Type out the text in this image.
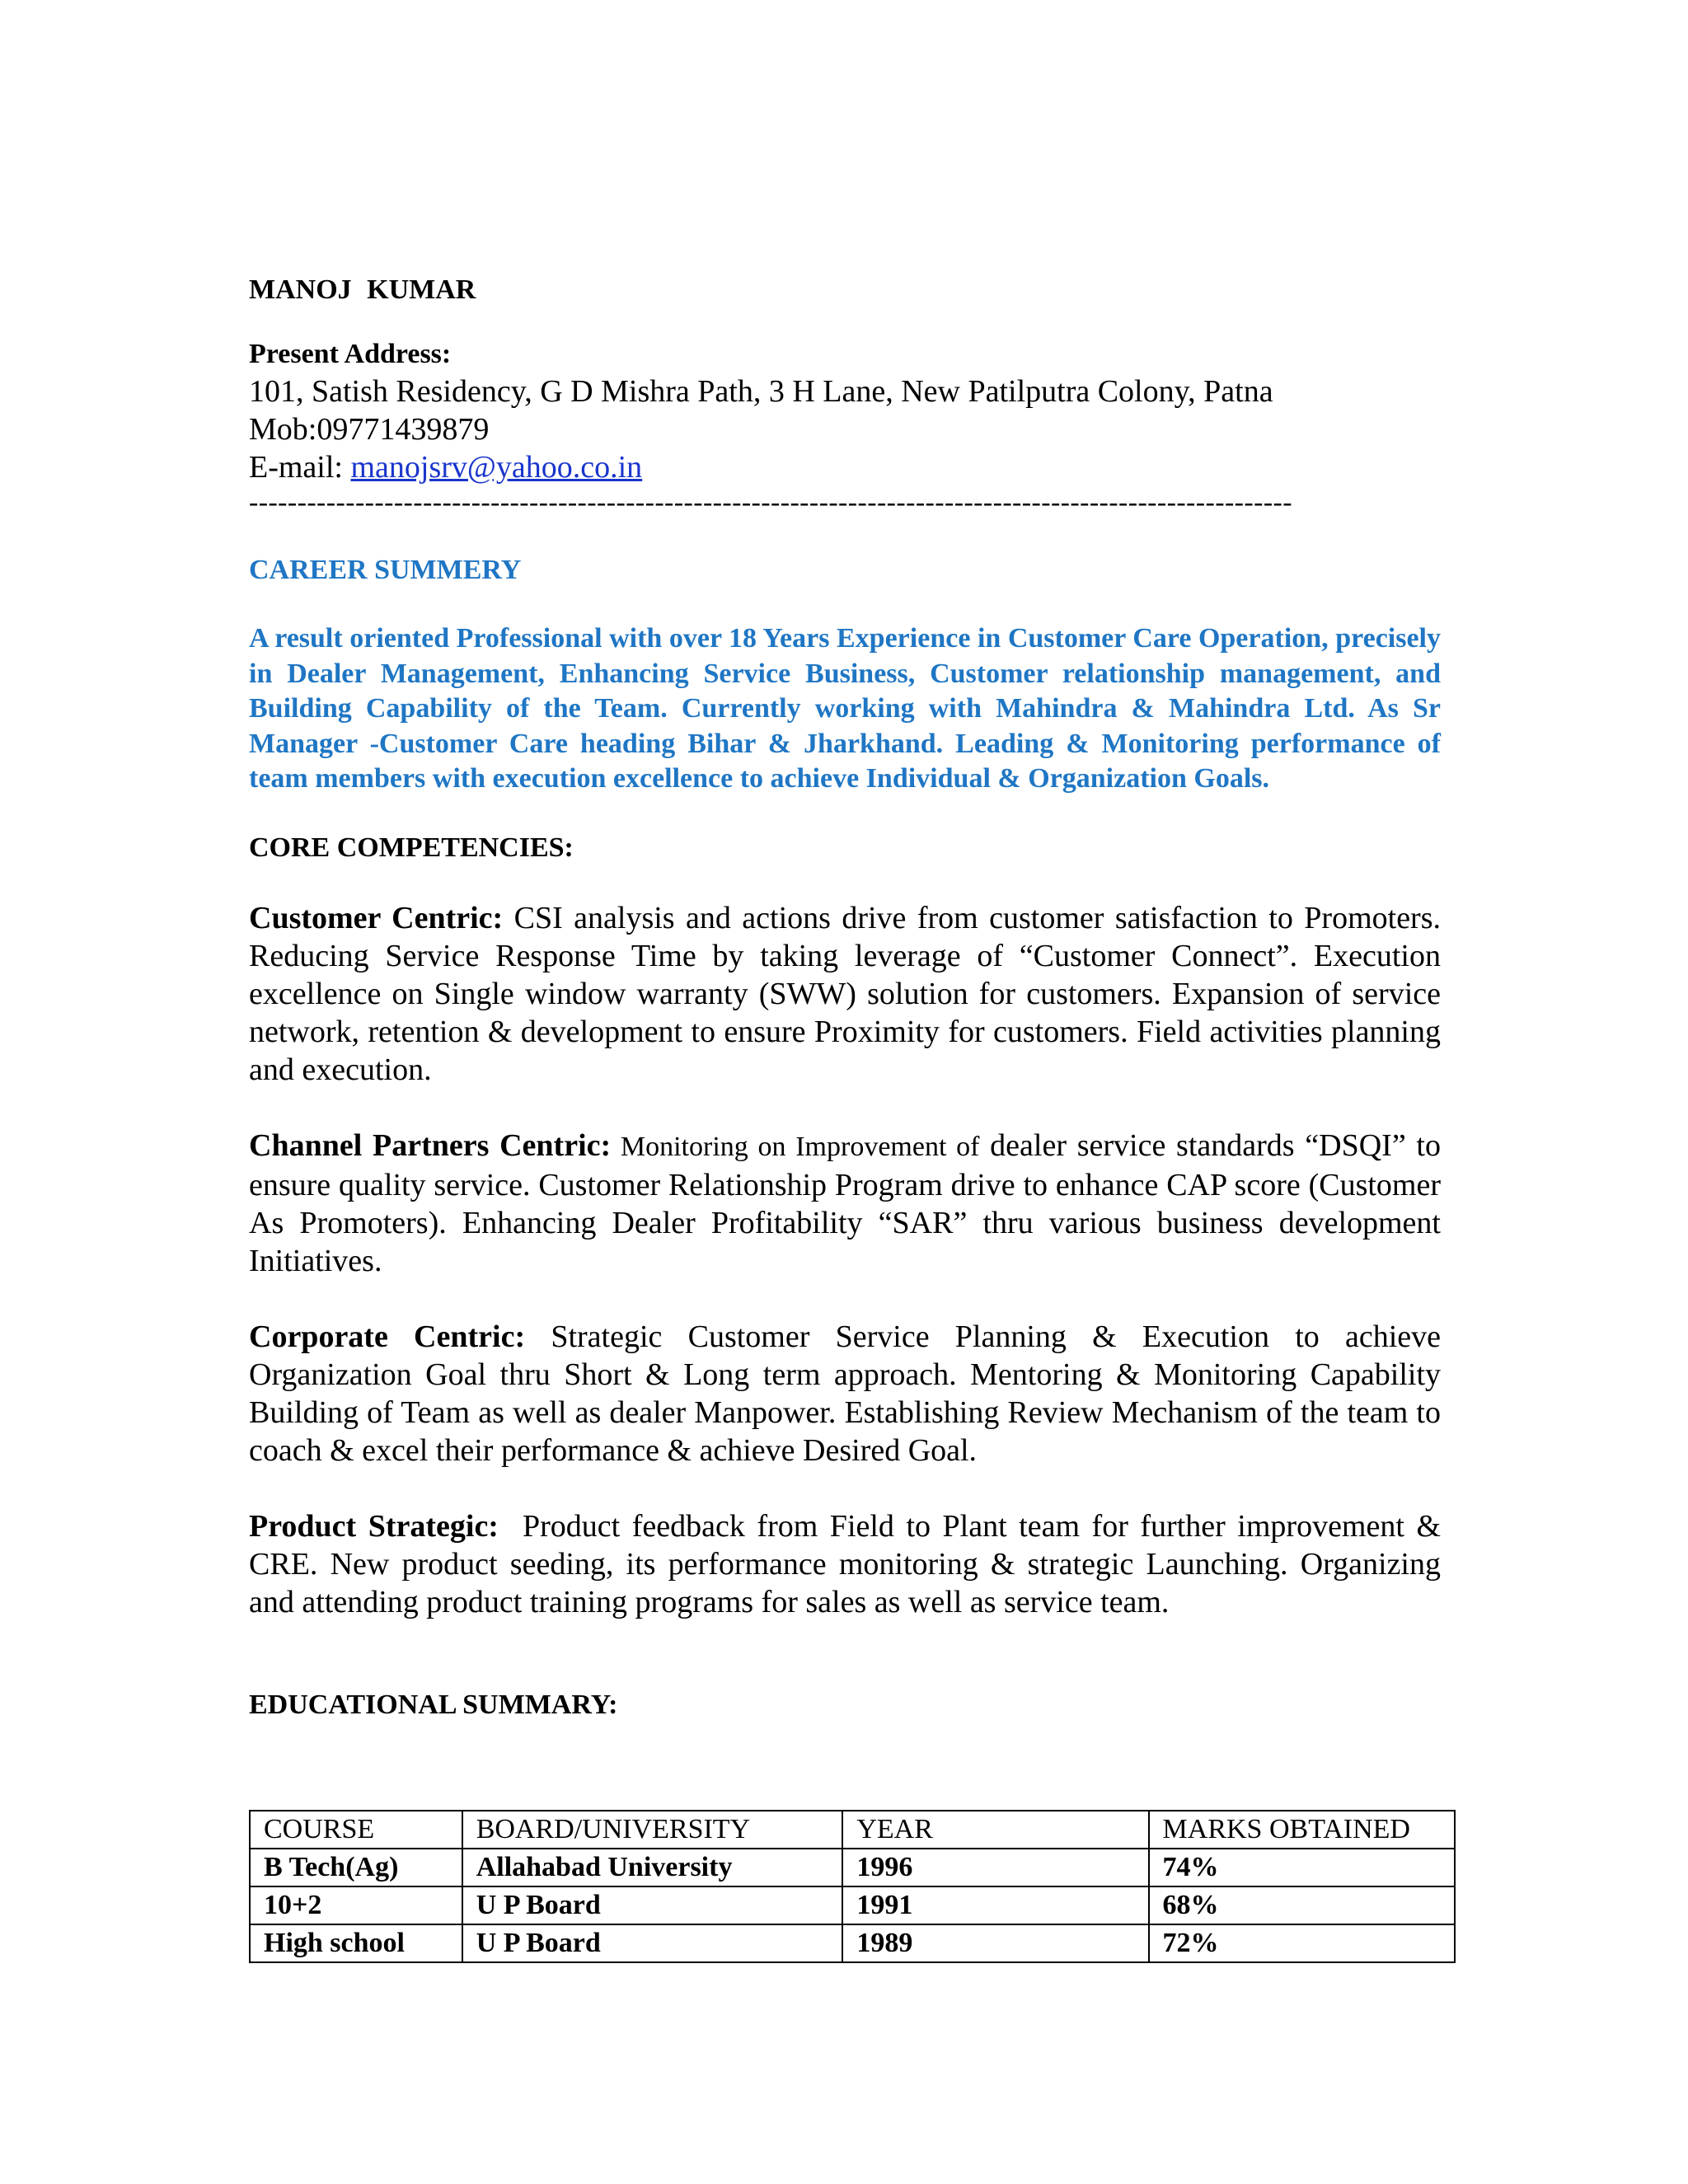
MANOJ KUMAR

Present Address:

101, Satish Residency, G D Mishra Path, 3 H Lane, New Patilputra Colony, Patna

Mob:09771439879

E-mail: manojsrv@yahoo.co.in

------------------------------------------------------------------------------------------------------------

CAREER SUMMERY

A result oriented Professional with over 18 Years Experience in Customer Care Operation, precisely in Dealer Management, Enhancing Service Business, Customer relationship management, and Building Capability of the Team. Currently working with Mahindra & Mahindra Ltd. As Sr Manager -Customer Care heading Bihar & Jharkhand. Leading & Monitoring performance of team members with execution excellence to achieve Individual & Organization Goals.

CORE COMPETENCIES:

Customer Centric: CSI analysis and actions drive from customer satisfaction to Promoters. Reducing Service Response Time by taking leverage of “Customer Connect”. Execution excellence on Single window warranty (SWW) solution for customers. Expansion of service network, retention & development to ensure Proximity for customers. Field activities planning and execution.

Channel Partners Centric: Monitoring on Improvement of dealer service standards “DSQI” to ensure quality service. Customer Relationship Program drive to enhance CAP score (Customer As Promoters). Enhancing Dealer Profitability “SAR” thru various business development Initiatives.

Corporate Centric: Strategic Customer Service Planning & Execution to achieve Organization Goal thru Short & Long term approach. Mentoring & Monitoring Capability Building of Team as well as dealer Manpower. Establishing Review Mechanism of the team to coach & excel their performance & achieve Desired Goal.

Product Strategic:  Product feedback from Field to Plant team for further improvement & CRE. New product seeding, its performance monitoring & strategic Launching. Organizing and attending product training programs for sales as well as service team.

EDUCATIONAL SUMMARY:

COURSE	BOARD/UNIVERSITY	YEAR	MARKS OBTAINED
B Tech(Ag)	Allahabad University	1996	74%
10+2	U P Board	1991	68%
High school	U P Board	1989	72%
